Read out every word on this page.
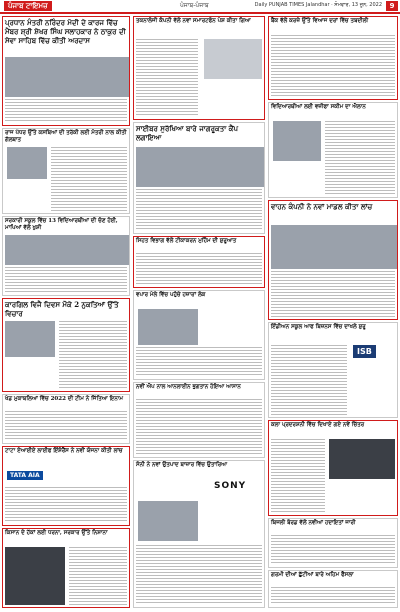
ਪੰਜਾਬ ਟਾਇਮਜ਼	ਪੰਜਾਬ-ਪੰਜਾਬ	Daily PUNJAB TIMES Jalandhar · ਸੋਮਵਾਰ, 13 ਜੂਨ, 2022	9
ਪ੍ਰਧਾਨ ਮੰਤਰੀ ਨਰਿੰਦਰ ਮੋਦੀ ਦੇ ਕਾਰਜ ਵਿੱਚ ਮੈਂਬਰ ਸ਼੍ਰੀ ਸ਼ੇਖਰ ਸਿੰਘ ਸਲਾਹਕਾਰ ਨੇ ਠਾਕੁਰ ਦੀ ਸੇਵਾ ਸਾਹਿਬ ਵਿੱਚ ਕੀਤੀ ਅਰਦਾਸ
ਰਾਜ ਪੱਧਰ ਉੱਤੇ ਕਸਬਿਆਂ ਦੀ ਤਰੱਕੀ ਲਈ ਮੰਤਰੀ ਨਾਲ ਕੀਤੀ ਗੱਲਬਾਤ
ਸਰਕਾਰੀ ਸਕੂਲ ਵਿੱਚ 13 ਵਿਦਿਆਰਥੀਆਂ ਦੀ ਚੋਣ ਹੋਈ, ਮਾਪਿਆਂ ਵੱਲੋਂ ਖੁਸ਼ੀ
ਕਾਰਗਿਲ ਵਿਜੈ ਦਿਵਸ ਮੌਕੇ 2 ਨੁਕਤਿਆਂ ਉੱਤੇ ਵਿਚਾਰ
ਖੇਡ ਮੁਕਾਬਲਿਆਂ ਵਿੱਚ 2022 ਦੀ ਟੀਮ ਨੇ ਜਿੱਤਿਆ ਇਨਾਮ
ਟਾਟਾ ਏਆਈਏ ਲਾਈਫ ਇੰਸ਼ੋਰੈਂਸ ਨੇ ਨਵੀਂ ਯੋਜਨਾ ਕੀਤੀ ਲਾਂਚ
TATA AIA
ਕਿਸਾਨ ਦੇ ਹੱਕਾਂ ਲਈ ਧਰਨਾ, ਸਰਕਾਰ ਉੱਤੇ ਨਿਸ਼ਾਨਾ
ਤਕਨਾਲੋਜੀ ਕੰਪਨੀ ਵੱਲੋਂ ਨਵਾਂ ਸਮਾਰਟਫੋਨ ਪੇਸ਼ ਕੀਤਾ ਗਿਆ
ਸਾਈਬਰ ਸੁਰੱਖਿਆ ਬਾਰੇ ਜਾਗਰੂਕਤਾ ਕੈਂਪ ਲਗਾਇਆ
ਸਿਹਤ ਵਿਭਾਗ ਵੱਲੋਂ ਟੀਕਾਕਰਨ ਮੁਹਿੰਮ ਦੀ ਸ਼ੁਰੂਆਤ
ਵਪਾਰ ਮੇਲੇ ਵਿੱਚ ਪਹੁੰਚੇ ਹਜ਼ਾਰਾਂ ਲੋਕ
ਨਵੀਂ ਐਪ ਨਾਲ ਆਨਲਾਈਨ ਭੁਗਤਾਨ ਹੋਇਆ ਆਸਾਨ
ਸੋਨੀ ਨੇ ਨਵਾਂ ਉਤਪਾਦ ਬਾਜ਼ਾਰ ਵਿੱਚ ਉਤਾਰਿਆ
SONY
ਬੈਂਕ ਵੱਲੋਂ ਕਰਜ਼ੇ ਉੱਤੇ ਵਿਆਜ ਦਰਾਂ ਵਿੱਚ ਤਬਦੀਲੀ
ਵਿਦਿਆਰਥੀਆਂ ਲਈ ਵਜ਼ੀਫਾ ਸਕੀਮ ਦਾ ਐਲਾਨ
ਵਾਹਨ ਕੰਪਨੀ ਨੇ ਨਵਾਂ ਮਾਡਲ ਕੀਤਾ ਲਾਂਚ
ਇੰਡੀਅਨ ਸਕੂਲ ਆਫ ਬਿਜ਼ਨਸ ਵਿੱਚ ਦਾਖਲੇ ਸ਼ੁਰੂ
ISB
ਕਲਾ ਪ੍ਰਦਰਸ਼ਨੀ ਵਿੱਚ ਦਿਖਾਏ ਗਏ ਨਵੇਂ ਚਿੱਤਰ
ਬਿਜਲੀ ਬੋਰਡ ਵੱਲੋਂ ਨਵੀਆਂ ਹਦਾਇਤਾਂ ਜਾਰੀ
ਗਰਮੀ ਦੀਆਂ ਛੁੱਟੀਆਂ ਬਾਰੇ ਅਹਿਮ ਫੈਸਲਾ
